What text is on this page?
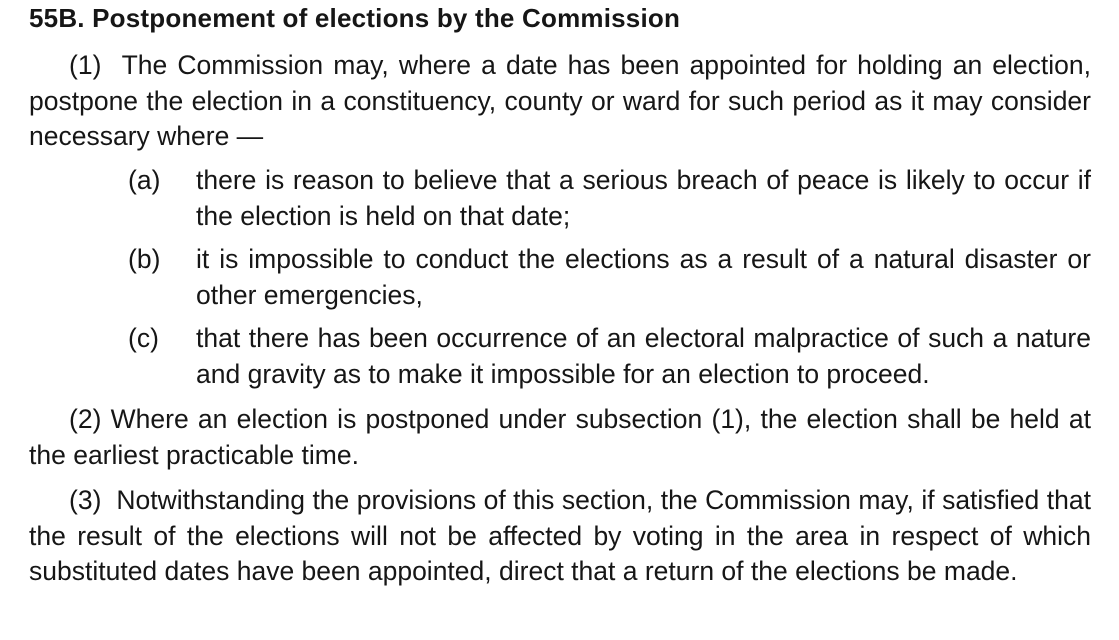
55B. Postponement of elections by the Commission
(1) The Commission may, where a date has been appointed for holding an election, postpone the election in a constituency, county or ward for such period as it may consider necessary where —
(a)	there is reason to believe that a serious breach of peace is likely to occur if the election is held on that date;
(b)	it is impossible to conduct the elections as a result of a natural disaster or other emergencies,
(c)	that there has been occurrence of an electoral malpractice of such a nature and gravity as to make it impossible for an election to proceed.
(2) Where an election is postponed under subsection (1), the election shall be held at the earliest practicable time.
(3) Notwithstanding the provisions of this section, the Commission may, if satisfied that the result of the elections will not be affected by voting in the area in respect of which substituted dates have been appointed, direct that a return of the elections be made.
